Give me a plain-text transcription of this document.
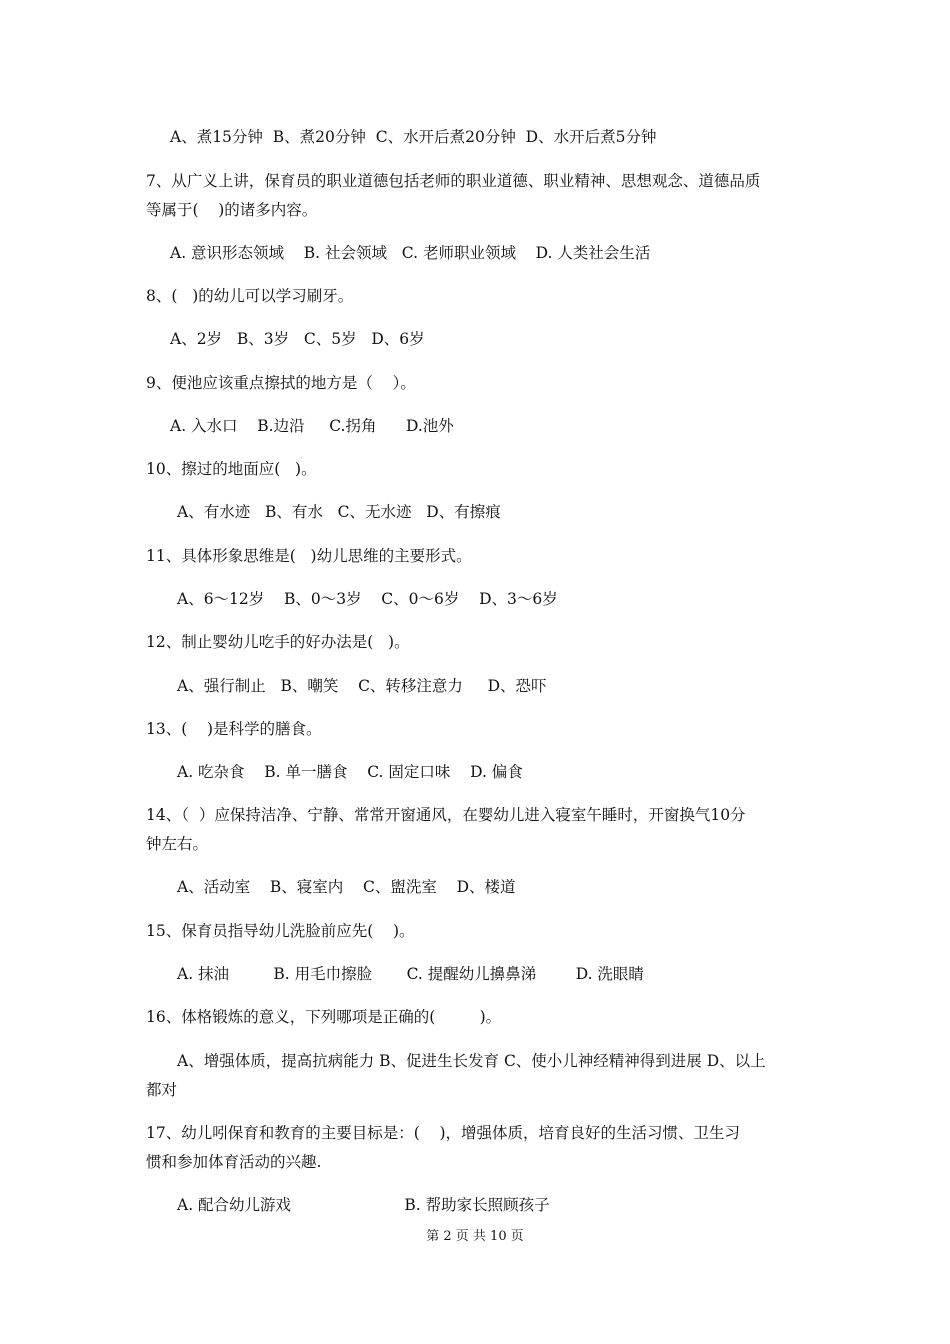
A、煮15分钟  B、煮20分钟  C、水开后煮20分钟  D、水开后煮5分钟
7、从广义上讲，保育员的职业道德包括老师的职业道德、职业精神、思想观念、道德品质
等属于(    )的诸多内容。
A. 意识形态领域    B. 社会领域   C. 老师职业领域    D. 人类社会生活
8、(   )的幼儿可以学习刷牙。
A、2岁   B、3岁   C、5岁   D、6岁
9、便池应该重点擦拭的地方是（    ）。
A. 入水口    B.边沿     C.拐角      D.池外
10、擦过的地面应(   )。
A、有水迹   B、有水   C、无水迹   D、有擦痕
11、具体形象思维是(   )幼儿思维的主要形式。
A、6～12岁    B、0～3岁    C、0～6岁    D、3～6岁
12、制止婴幼儿吃手的好办法是(   )。
A、强行制止   B、嘲笑    C、转移注意力     D、恐吓
13、(    )是科学的膳食。
A. 吃杂食    B. 单一膳食    C. 固定口味    D. 偏食
14、（  ）应保持洁净、宁静、常常开窗通风，在婴幼儿进入寝室午睡时，开窗换气10分
钟左右。
A、活动室    B、寝室内    C、盥洗室    D、楼道
15、保育员指导幼儿洗脸前应先(    )。
A. 抹油         B. 用毛巾擦脸       C. 提醒幼儿擤鼻涕        D. 洗眼睛
16、体格锻炼的意义，下列哪项是正确的(         )。
A、增强体质，提高抗病能力 B、促进生长发育 C、使小儿神经精神得到进展 D、以上
都对
17、幼儿吲保育和教育的主要目标是：(    )，增强体质，培育良好的生活习惯、卫生习
惯和参加体育活动的兴趣.
A. 配合幼儿游戏                       B. 帮助家长照顾孩子
第 2 页 共 10 页
